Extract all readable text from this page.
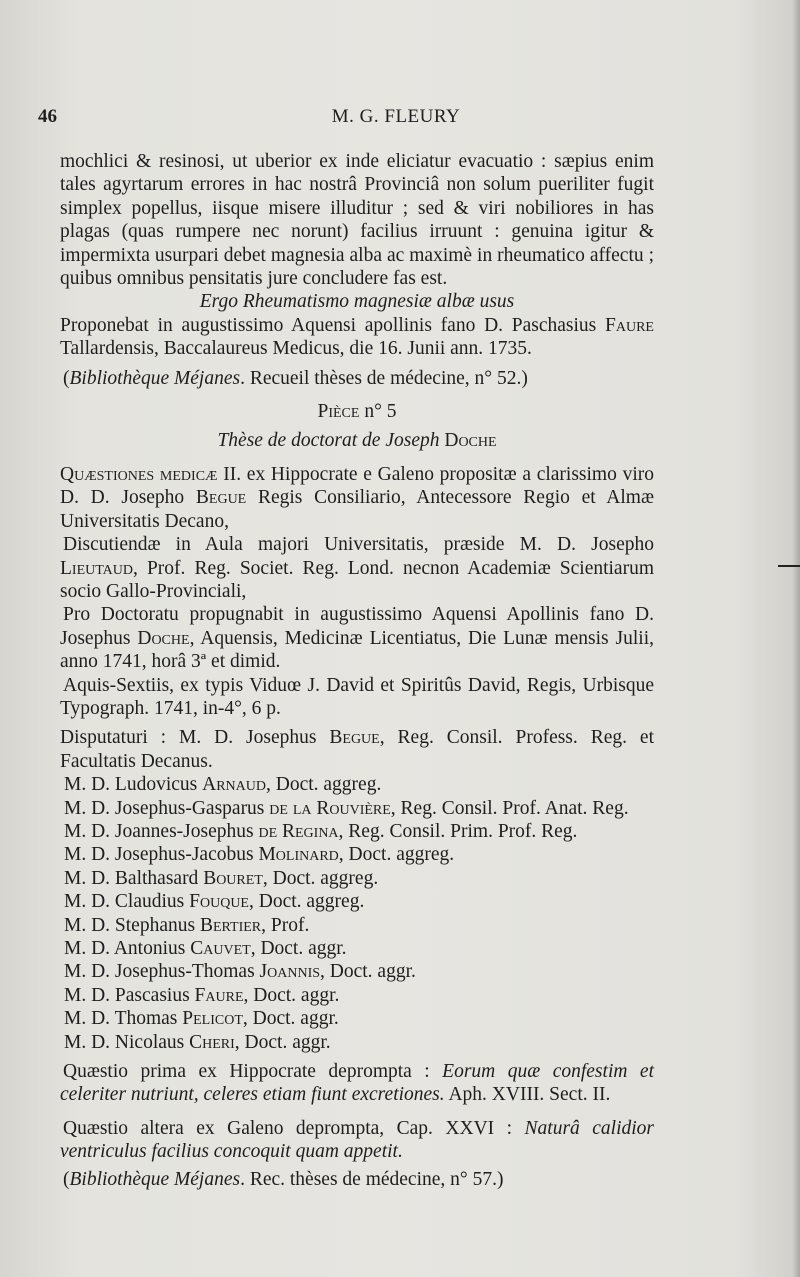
46	M. G. FLEURY

mochlici & resinosi, ut uberior ex inde eliciatur evacuatio : sæpius enim tales agyrtarum errores in hac nostrâ Provinciâ non solum pueriliter fugit simplex popellus, iisque misere illuditur ; sed & viri nobiliores in has plagas (quas rumpere nec norunt) facilius irruunt : genuina igitur & impermixta usurpari debet magnesia alba ac maximè in rheumatico affectu ; quibus omnibus pensitatis jure concludere fas est.

Ergo Rheumatismo magnesiæ albæ usus

Proponebat in augustissimo Aquensi apollinis fano D. Paschasius Faure Tallardensis, Baccalaureus Medicus, die 16. Junii ann. 1735.

(Bibliothèque Méjanes. Recueil thèses de médecine, n° 52.)

Pièce n° 5

Thèse de doctorat de Joseph Doche

Quæstiones medicæ II. ex Hippocrate e Galeno propositæ a clarissimo viro D. D. Josepho Begue Regis Consiliario, Antecessore Regio et Almæ Universitatis Decano,

Discutiendæ in Aula majori Universitatis, præside M. D. Josepho Lieutaud, Prof. Reg. Societ. Reg. Lond. necnon Academiæ Scientiarum socio Gallo-Provinciali,

Pro Doctoratu propugnabit in augustissimo Aquensi Apollinis fano D. Josephus Doche, Aquensis, Medicinæ Licentiatus, Die Lunæ mensis Julii, anno 1741, horâ 3ª et dimid.

Aquis-Sextiis, ex typis Viduœ J. David et Spiritûs David, Regis, Urbisque Typograph. 1741, in-4°, 6 p.

Disputaturi : M. D. Josephus Begue, Reg. Consil. Profess. Reg. et Facultatis Decanus.

M. D. Ludovicus Arnaud, Doct. aggreg.

M. D. Josephus-Gasparus de la Rouvière, Reg. Consil. Prof. Anat. Reg.

M. D. Joannes-Josephus de Regina, Reg. Consil. Prim. Prof. Reg.

M. D. Josephus-Jacobus Molinard, Doct. aggreg.

M. D. Balthasard Bouret, Doct. aggreg.

M. D. Claudius Fouque, Doct. aggreg.

M. D. Stephanus Bertier, Prof.

M. D. Antonius Cauvet, Doct. aggr.

M. D. Josephus-Thomas Joannis, Doct. aggr.

M. D. Pascasius Faure, Doct. aggr.

M. D. Thomas Pelicot, Doct. aggr.

M. D. Nicolaus Cheri, Doct. aggr.

Quæstio prima ex Hippocrate deprompta : Eorum quæ confestim et celeriter nutriunt, celeres etiam fiunt excretiones. Aph. XVIII. Sect. II.

Quæstio altera ex Galeno deprompta, Cap. XXVI : Naturâ calidior ventriculus facilius concoquit quam appetit.

(Bibliothèque Méjanes. Rec. thèses de médecine, n° 57.)
